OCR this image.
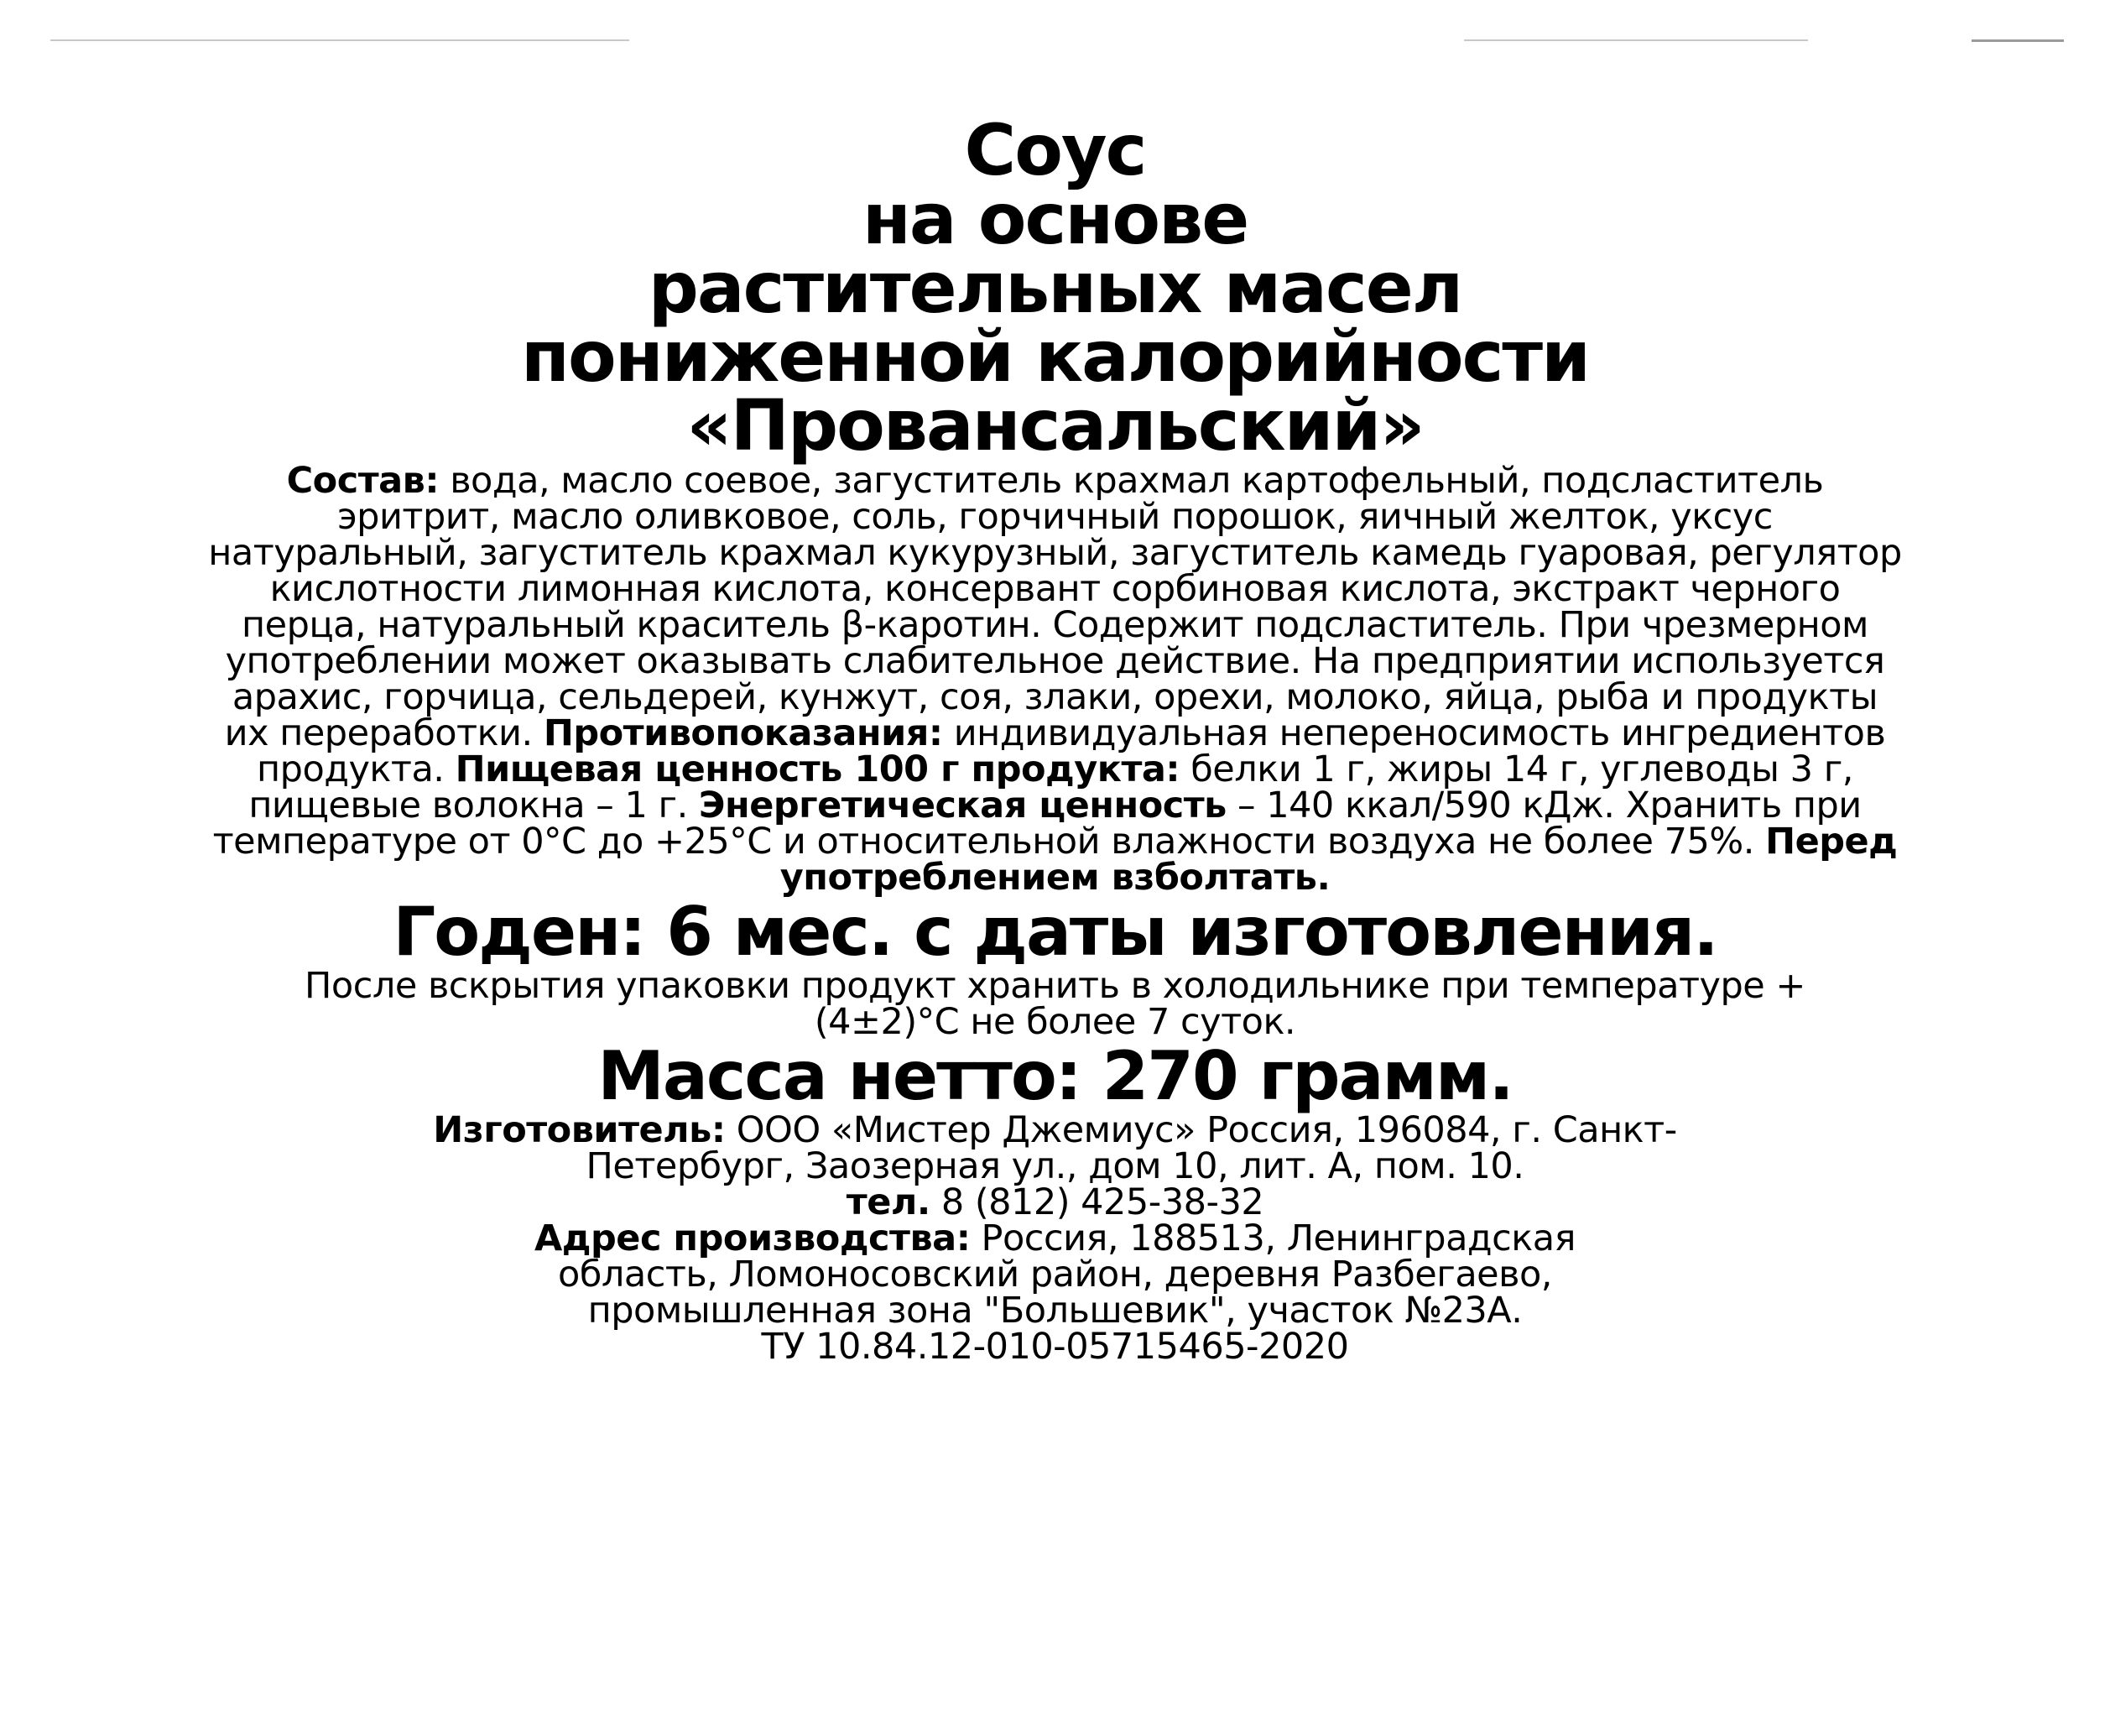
Соус
на основе
растительных масел
пониженной калорийности
«Провансальский»

Состав: вода, масло соевое, загуститель крахмал картофельный, подсластитель эритрит, масло оливковое, соль, горчичный порошок, яичный желток, уксус натуральный, загуститель крахмал кукурузный, загуститель камедь гуаровая, регулятор кислотности лимонная кислота, консервант сорбиновая кислота, экстракт черного перца, натуральный краситель β-каротин. Содержит подсластитель. При чрезмерном употреблении может оказывать слабительное действие. На предприятии используется арахис, горчица, сельдерей, кунжут, соя, злаки, орехи, молоко, яйца, рыба и продукты их переработки. Противопоказания: индивидуальная непереносимость ингредиентов продукта. Пищевая ценность 100 г продукта: белки 1 г, жиры 14 г, углеводы 3 г, пищевые волокна – 1 г. Энергетическая ценность – 140 ккал/590 кДж. Хранить при температуре от 0°С до +25°С и относительной влажности воздуха не более 75%. Перед употреблением взболтать.

Годен: 6 мес. с даты изготовления.

После вскрытия упаковки продукт хранить в холодильнике при температуре +(4±2)°С не более 7 суток.

Масса нетто: 270 грамм.

Изготовитель: ООО «Мистер Джемиус» Россия, 196084, г. Санкт-Петербург, Заозерная ул., дом 10, лит. А, пом. 10.

тел. 8 (812) 425-38-32

Адрес производства: Россия, 188513, Ленинградская область, Ломоносовский район, деревня Разбегаево, промышленная зона "Большевик", участок №23А.

ТУ 10.84.12-010-05715465-2020
